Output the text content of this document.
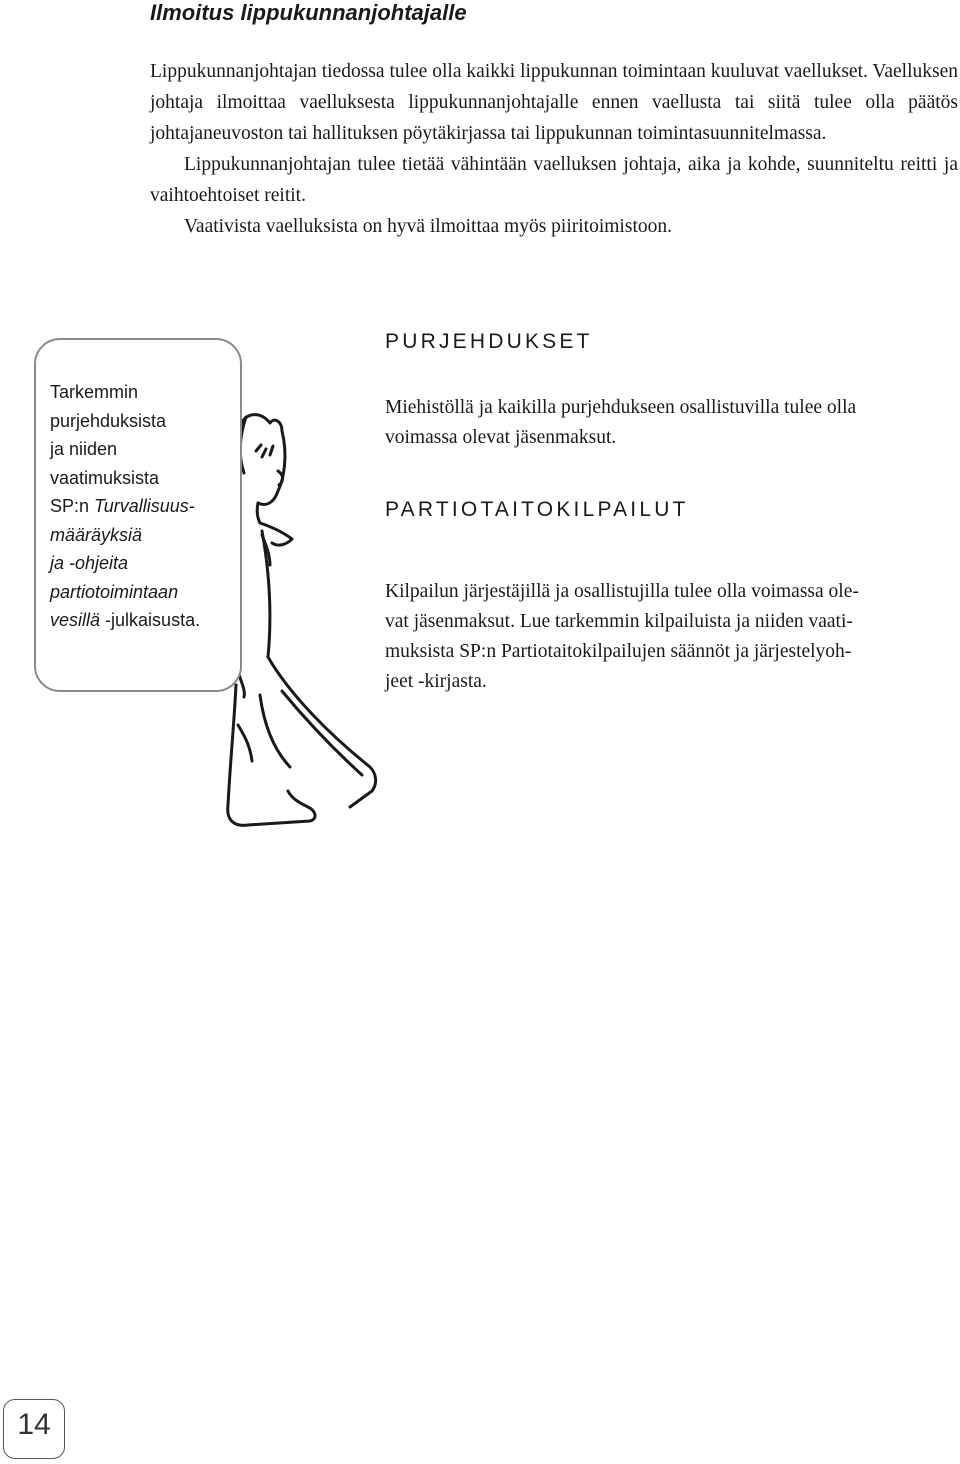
Ilmoitus lippukunnanjohtajalle

Lippukunnanjohtajan tiedossa tulee olla kaikki lippukunnan toimintaan kuuluvat vaellukset. Vaelluksen johtaja ilmoittaa vaelluksesta lippukunnanjohtajalle ennen vaellusta tai siitä tulee olla päätös johtajaneuvoston tai hallituksen pöytäkirjassa tai lippukunnan toimintasuunnitelmassa.

Lippukunnanjohtajan tulee tietää vähintään vaelluksen johtaja, aika ja kohde, suunniteltu reitti ja vaihtoehtoiset reitit.

Vaativista vaelluksista on hyvä ilmoittaa myös piiritoimistoon.

Tarkemmin
purjehduksista
ja niiden
vaatimuksista
SP:n Turvallisuus-
määräyksiä
ja -ohjeita
partiotoimintaan
vesillä -julkaisusta.
PURJEHDUKSET
Miehistöllä ja kaikilla purjehdukseen osallistuvilla tulee olla
voimassa olevat jäsenmaksut.
PARTIOTAITOKILPAILUT
Kilpailun järjestäjillä ja osallistujilla tulee olla voimassa ole-
vat jäsenmaksut. Lue tarkemmin kilpailuista ja niiden vaati-
muksista SP:n Partiotaitokilpailujen säännöt ja järjestelyoh-
jeet -kirjasta.
14
